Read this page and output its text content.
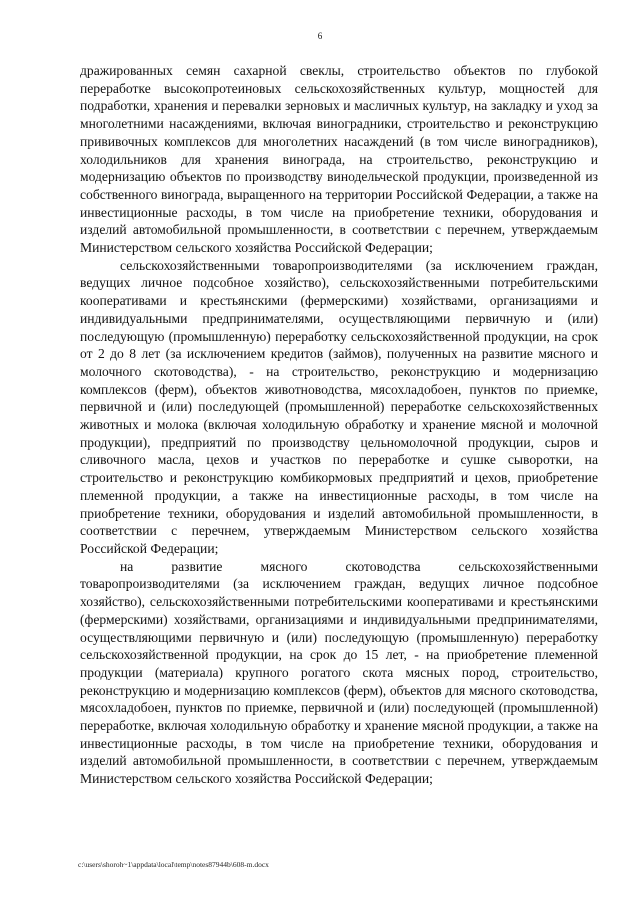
6

дражированных семян сахарной свеклы, строительство объектов по глубокой переработке высокопротеиновых сельскохозяйственных культур, мощностей для подработки, хранения и перевалки зерновых и масличных культур, на закладку и уход за многолетними насаждениями, включая виноградники, строительство и реконструкцию прививочных комплексов для многолетних насаждений (в том числе виноградников), холодильников для хранения винограда, на строительство, реконструкцию и модернизацию объектов по производству винодельческой продукции, произведенной из собственного винограда, выращенного на территории Российской Федерации, а также на инвестиционные расходы, в том числе на приобретение техники, оборудования и изделий автомобильной промышленности, в соответствии с перечнем, утверждаемым Министерством сельского хозяйства Российской Федерации;

сельскохозяйственными товаропроизводителями (за исключением граждан, ведущих личное подсобное хозяйство), сельскохозяйственными потребительскими кооперативами и крестьянскими (фермерскими) хозяйствами, организациями и индивидуальными предпринимателями, осуществляющими первичную и (или) последующую (промышленную) переработку сельскохозяйственной продукции, на срок от 2 до 8 лет (за исключением кредитов (займов), полученных на развитие мясного и молочного скотоводства), - на строительство, реконструкцию и модернизацию комплексов (ферм), объектов животноводства, мясохладобоен, пунктов по приемке, первичной и (или) последующей (промышленной) переработке сельскохозяйственных животных и молока (включая холодильную обработку и хранение мясной и молочной продукции), предприятий по производству цельномолочной продукции, сыров и сливочного масла, цехов и участков по переработке и сушке сыворотки, на строительство и реконструкцию комбикормовых предприятий и цехов, приобретение племенной продукции, а также на инвестиционные расходы, в том числе на приобретение техники, оборудования и изделий автомобильной промышленности, в соответствии с перечнем, утверждаемым Министерством сельского хозяйства Российской Федерации;

на развитие мясного скотоводства сельскохозяйственными товаропроизводителями (за исключением граждан, ведущих личное подсобное хозяйство), сельскохозяйственными потребительскими кооперативами и крестьянскими (фермерскими) хозяйствами, организациями и индивидуальными предпринимателями, осуществляющими первичную и (или) последующую (промышленную) переработку сельскохозяйственной продукции, на срок до 15 лет, - на приобретение племенной продукции (материала) крупного рогатого скота мясных пород, строительство, реконструкцию и модернизацию комплексов (ферм), объектов для мясного скотоводства, мясохладобоен, пунктов по приемке, первичной и (или) последующей (промышленной) переработке, включая холодильную обработку и хранение мясной продукции, а также на инвестиционные расходы, в том числе на приобретение техники, оборудования и изделий автомобильной промышленности, в соответствии с перечнем, утверждаемым Министерством сельского хозяйства Российской Федерации;

c:\users\shoroh~1\appdata\local\temp\notes87944b\608-m.docx
